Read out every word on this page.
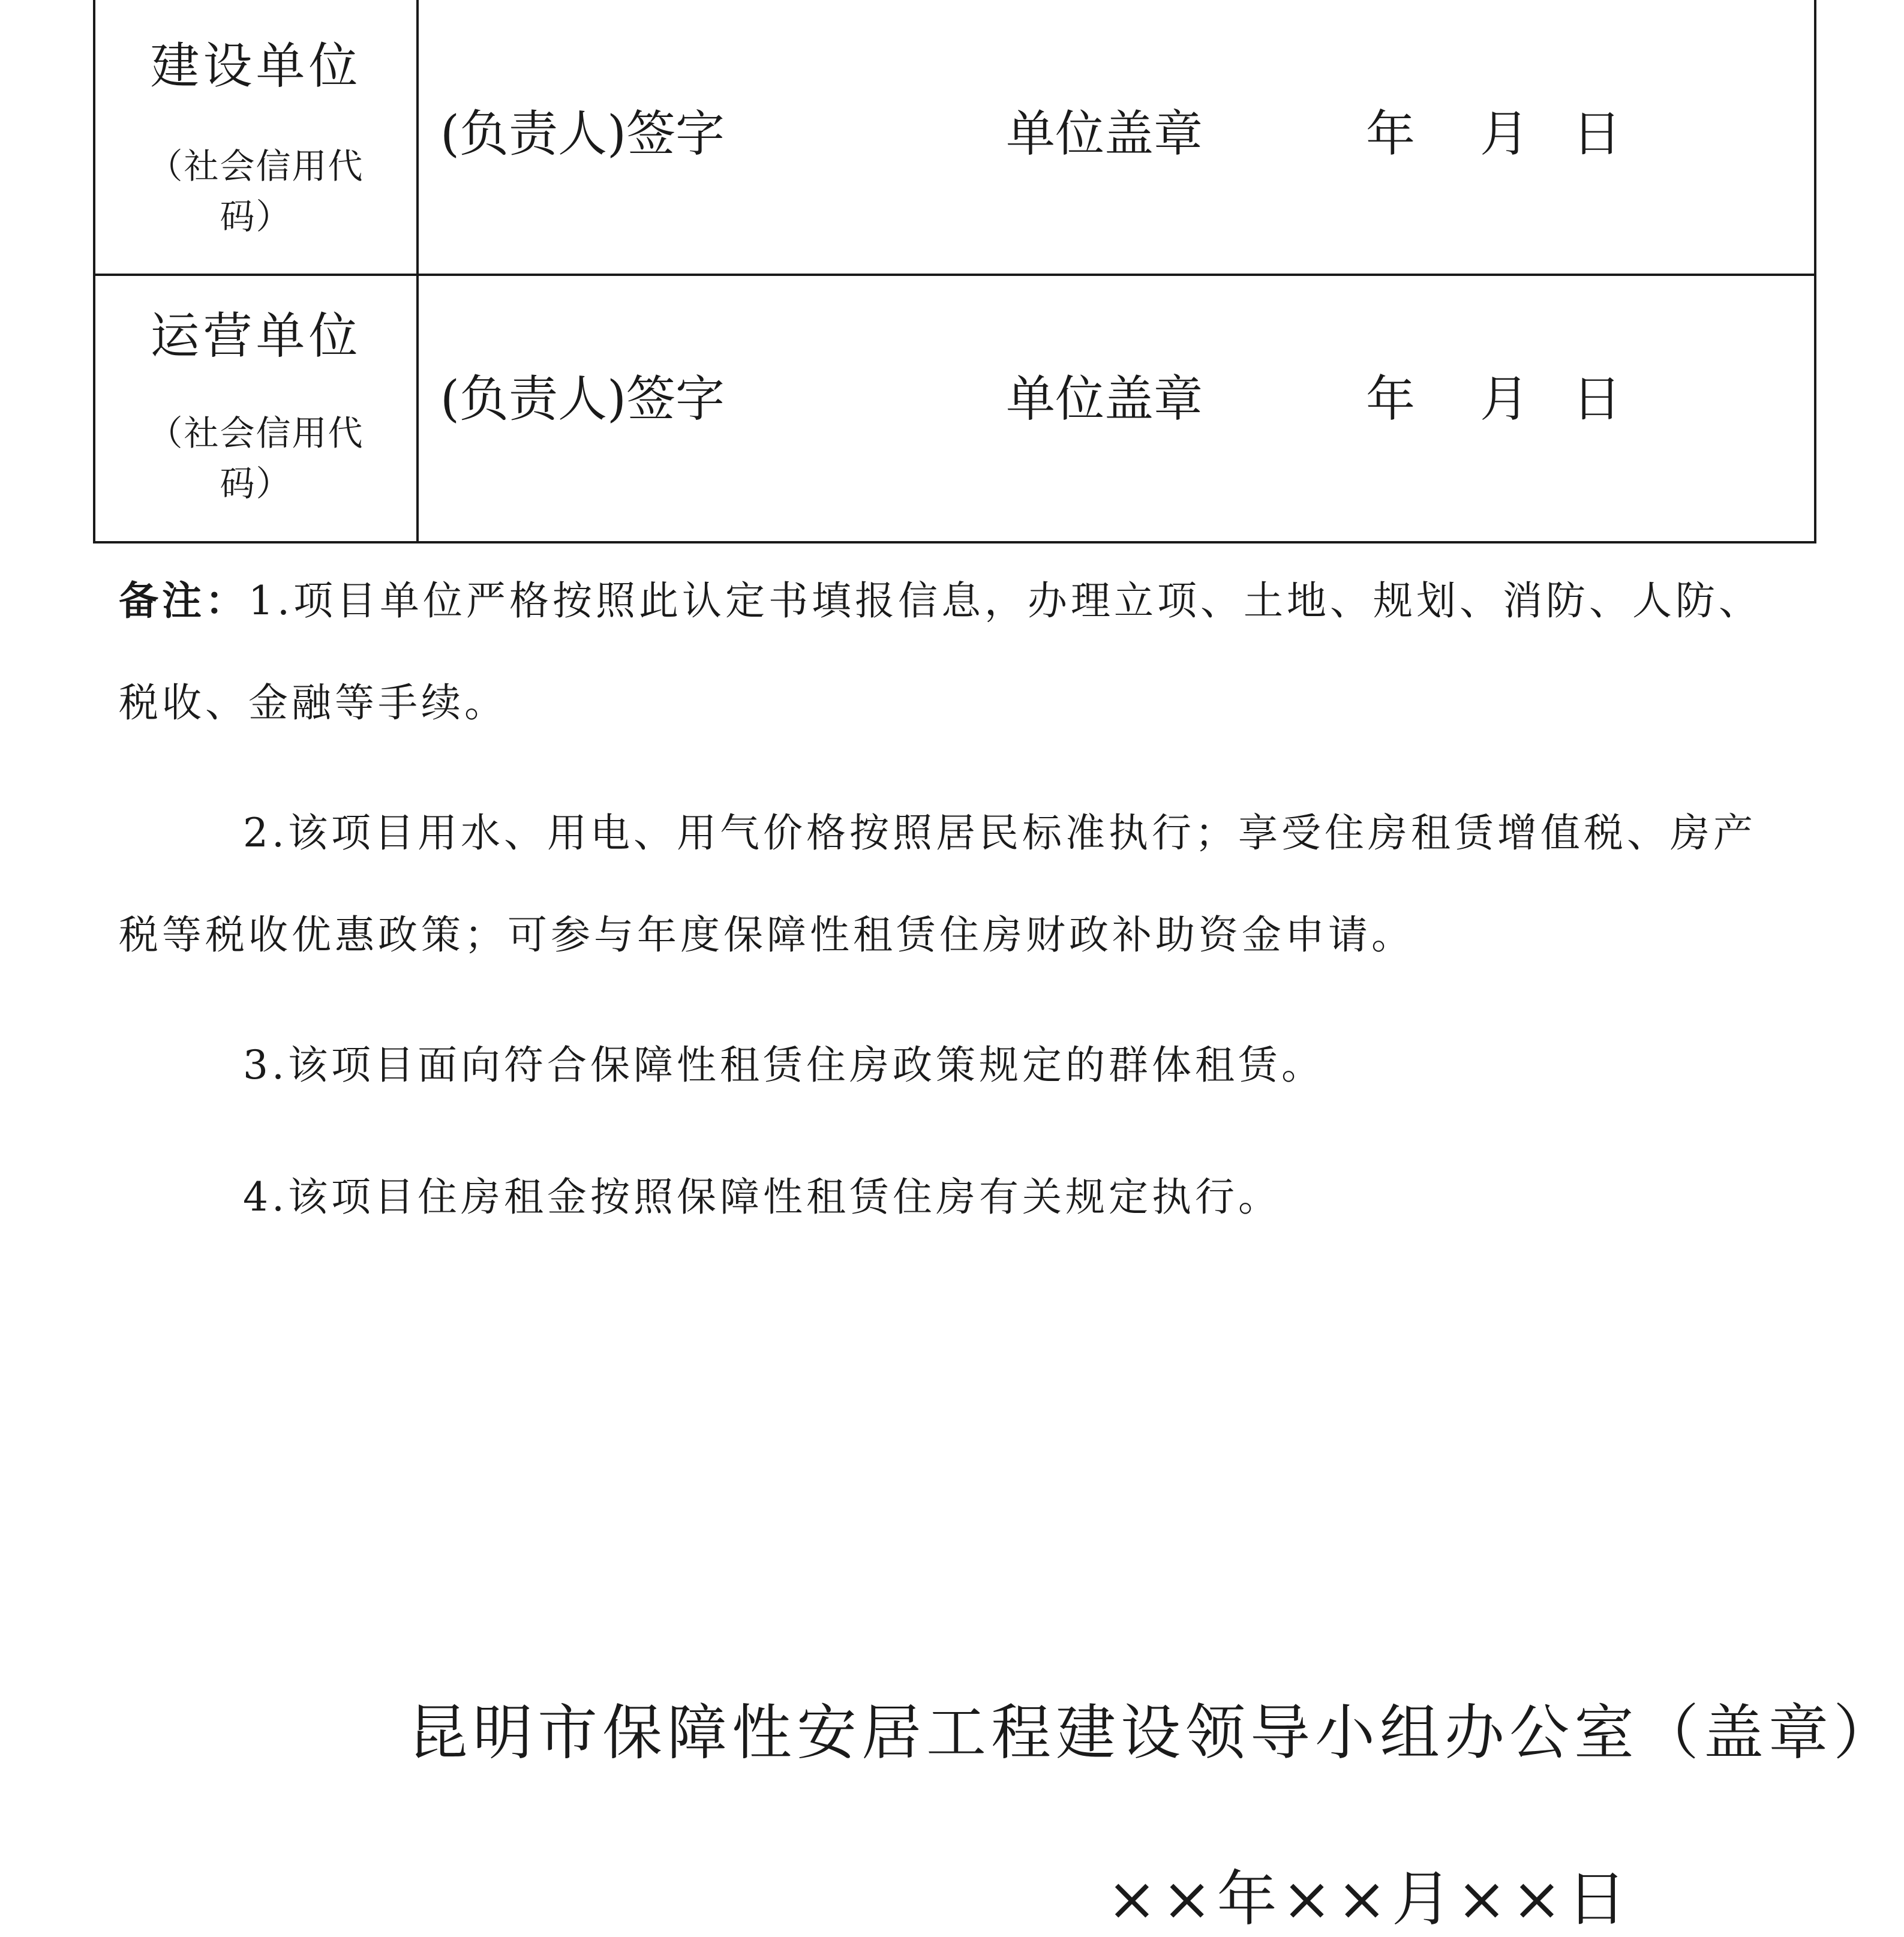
建设单位
（社会信用代
码）
(负责人)签字	单位盖章	年 月 日
运营单位
（社会信用代
码）
(负责人)签字	单位盖章	年 月 日
备注：1.项目单位严格按照此认定书填报信息，办理立项、土地、规划、消防、人防、
税收、金融等手续。
2.该项目用水、用电、用气价格按照居民标准执行；享受住房租赁增值税、房产
税等税收优惠政策；可参与年度保障性租赁住房财政补助资金申请。
3.该项目面向符合保障性租赁住房政策规定的群体租赁。
4.该项目住房租金按照保障性租赁住房有关规定执行。
昆明市保障性安居工程建设领导小组办公室（盖章）
××年××月××日
